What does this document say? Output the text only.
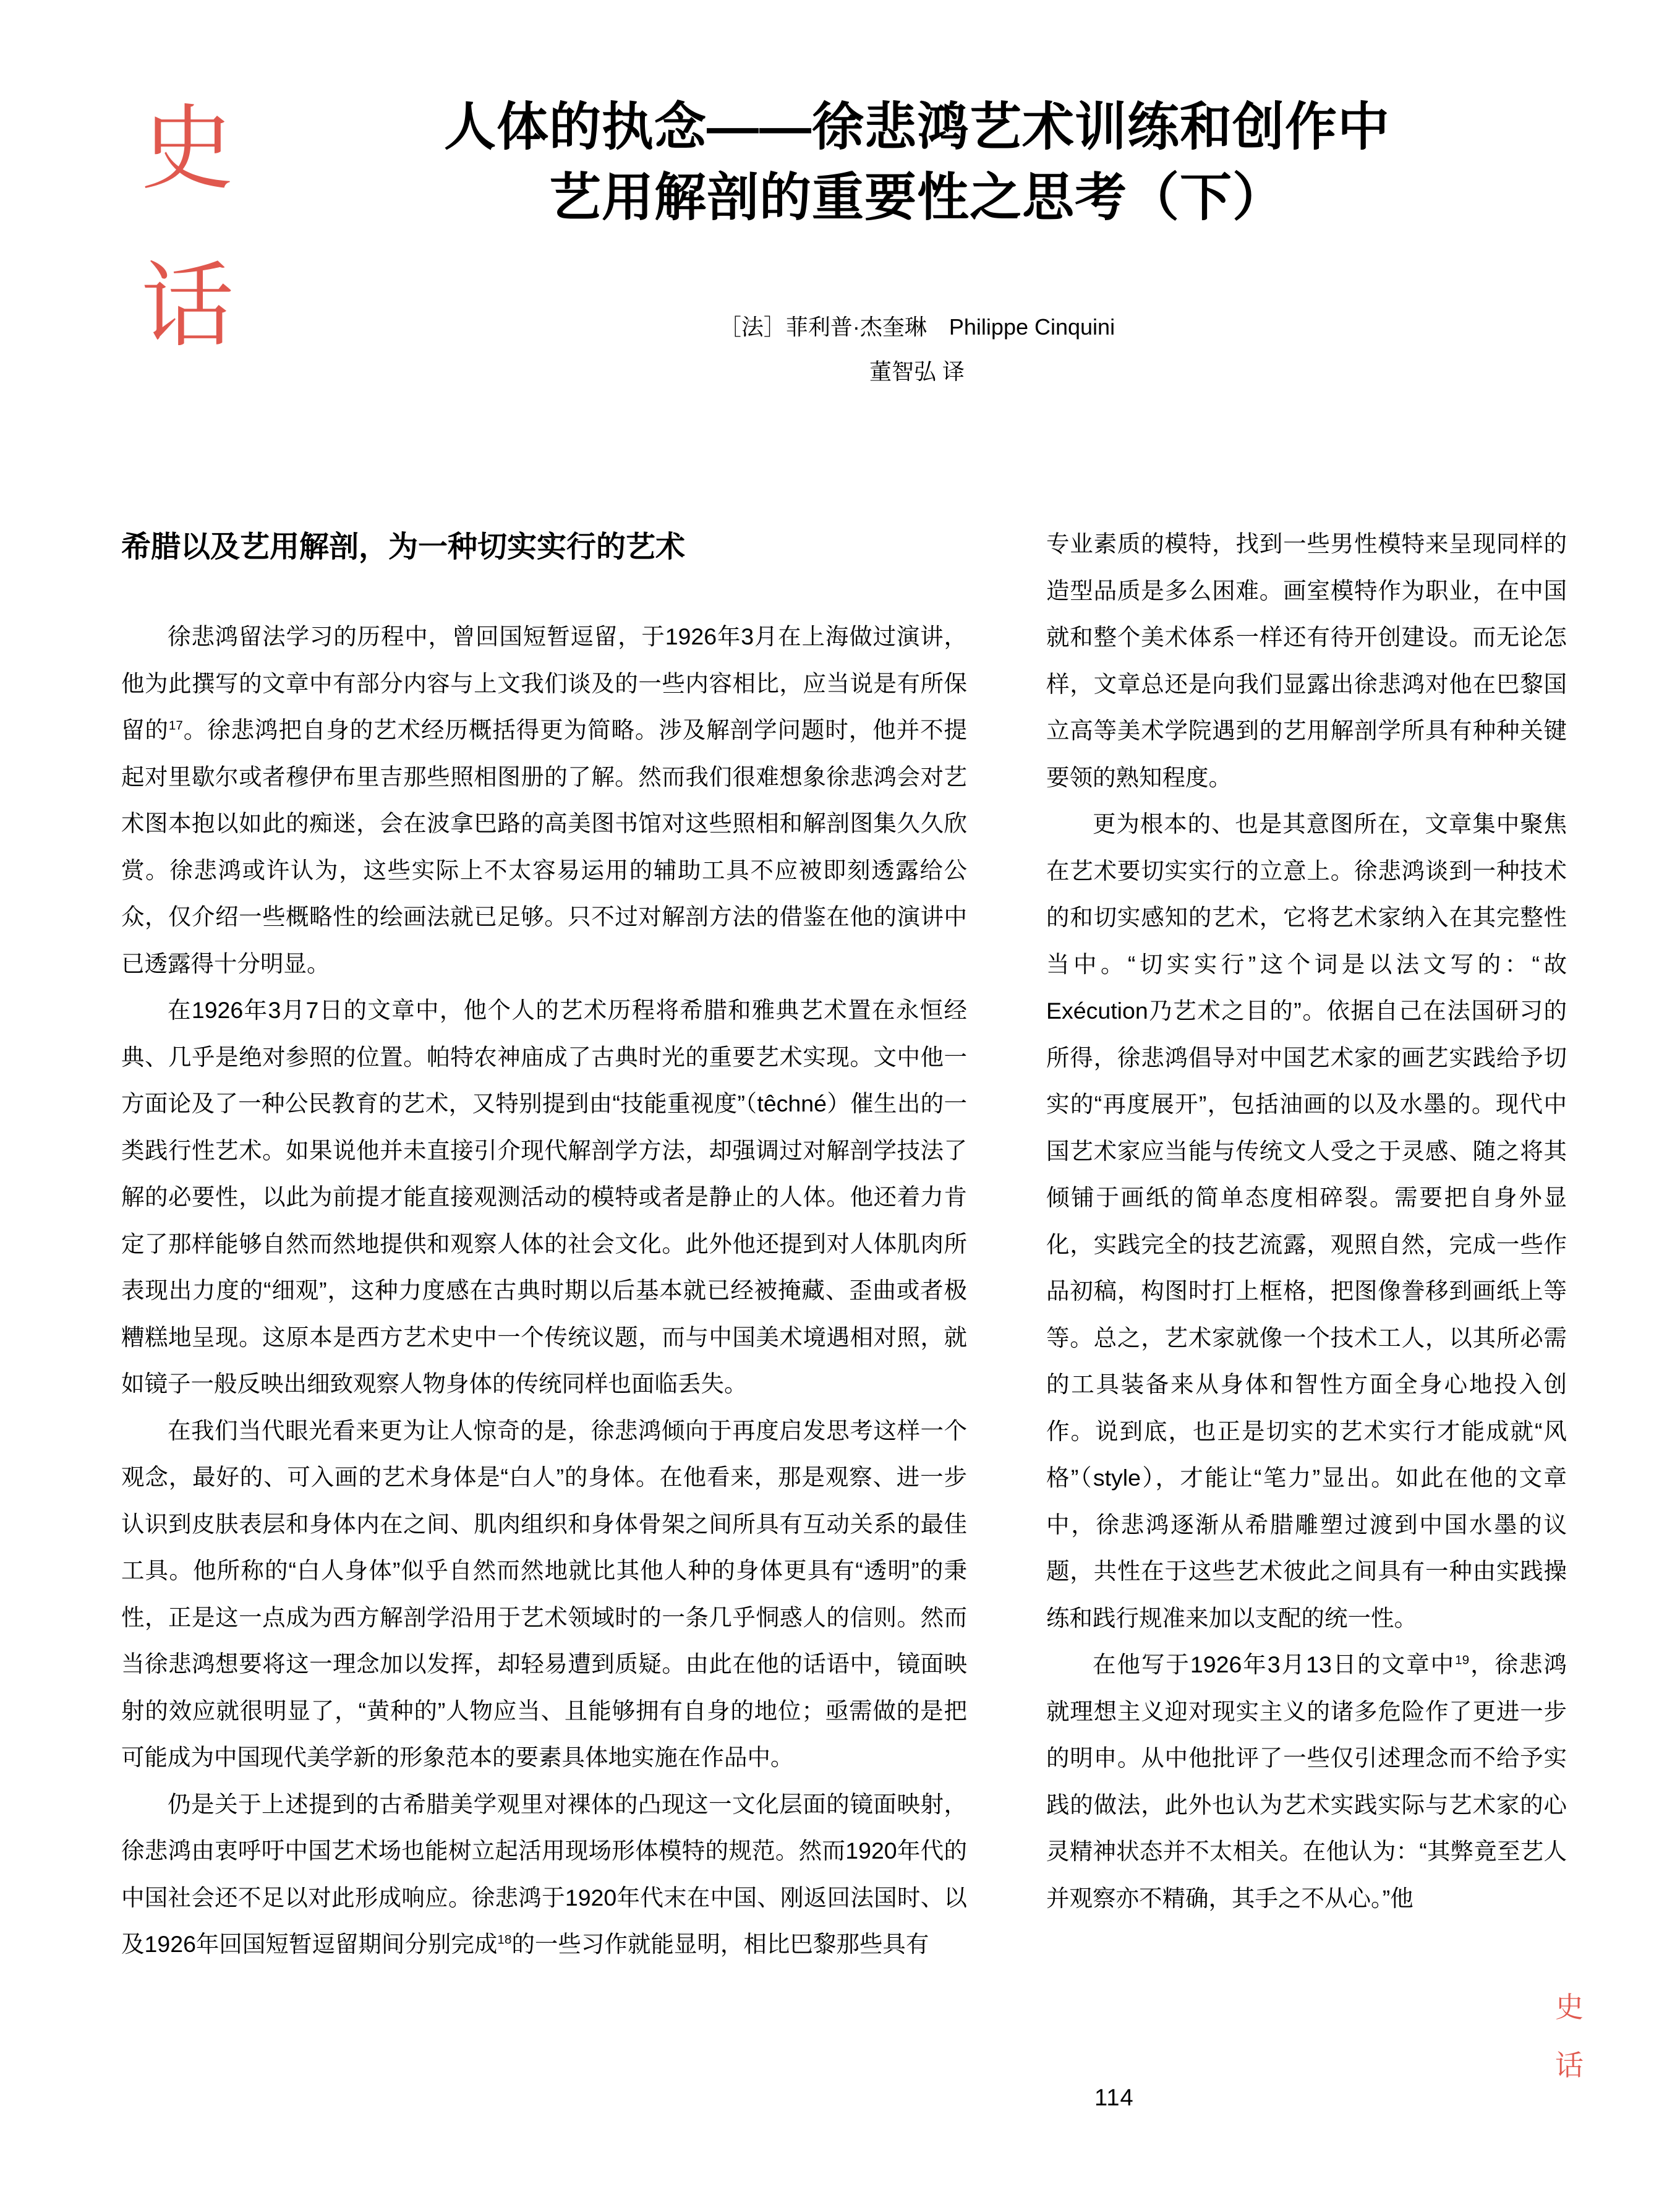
史
话
人体的执念——徐悲鸿艺术训练和创作中
艺用解剖的重要性之思考（下）
［法］菲利普·杰奎琳　Philippe Cinquini
董智弘 译
希腊以及艺用解剖，为一种切实实行的艺术

徐悲鸿留法学习的历程中，曾回国短暂逗留，于1926年3月在上海做过演讲，他为此撰写的文章中有部分内容与上文我们谈及的一些内容相比，应当说是有所保留的$^{17}$。徐悲鸿把自身的艺术经历概括得更为简略。涉及解剖学问题时，他并不提起对里歇尔或者穆伊布里吉那些照相图册的了解。然而我们很难想象徐悲鸿会对艺术图本抱以如此的痴迷，会在波拿巴路的高美图书馆对这些照相和解剖图集久久欣赏。徐悲鸿或许认为，这些实际上不太容易运用的辅助工具不应被即刻透露给公众，仅介绍一些概略性的绘画法就已足够。只不过对解剖方法的借鉴在他的演讲中已透露得十分明显。

在1926年3月7日的文章中，他个人的艺术历程将希腊和雅典艺术置在永恒经典、几乎是绝对参照的位置。帕特农神庙成了古典时光的重要艺术实现。文中他一方面论及了一种公民教育的艺术，又特别提到由“技能重视度”（têchné）催生出的一类践行性艺术。如果说他并未直接引介现代解剖学方法，却强调过对解剖学技法了解的必要性，以此为前提才能直接观测活动的模特或者是静止的人体。他还着力肯定了那样能够自然而然地提供和观察人体的社会文化。此外他还提到对人体肌肉所表现出力度的“细观”，这种力度感在古典时期以后基本就已经被掩藏、歪曲或者极糟糕地呈现。这原本是西方艺术史中一个传统议题，而与中国美术境遇相对照，就如镜子一般反映出细致观察人物身体的传统同样也面临丢失。

在我们当代眼光看来更为让人惊奇的是，徐悲鸿倾向于再度启发思考这样一个观念，最好的、可入画的艺术身体是“白人”的身体。在他看来，那是观察、进一步认识到皮肤表层和身体内在之间、肌肉组织和身体骨架之间所具有互动关系的最佳工具。他所称的“白人身体”似乎自然而然地就比其他人种的身体更具有“透明”的秉性，正是这一点成为西方解剖学沿用于艺术领域时的一条几乎恫惑人的信则。然而当徐悲鸿想要将这一理念加以发挥，却轻易遭到质疑。由此在他的话语中，镜面映射的效应就很明显了，“黄种的”人物应当、且能够拥有自身的地位；亟需做的是把可能成为中国现代美学新的形象范本的要素具体地实施在作品中。

仍是关于上述提到的古希腊美学观里对裸体的凸现这一文化层面的镜面映射，徐悲鸿由衷呼吁中国艺术场也能树立起活用现场形体模特的规范。然而1920年代的中国社会还不足以对此形成响应。徐悲鸿于1920年代末在中国、刚返回法国时、以及1926年回国短暂逗留期间分别完成$^{18}$的一些习作就能显明，相比巴黎那些具有

专业素质的模特，找到一些男性模特来呈现同样的造型品质是多么困难。画室模特作为职业，在中国就和整个美术体系一样还有待开创建设。而无论怎样，文章总还是向我们显露出徐悲鸿对他在巴黎国立高等美术学院遇到的艺用解剖学所具有种种关键要领的熟知程度。

更为根本的、也是其意图所在，文章集中聚焦在艺术要切实实行的立意上。徐悲鸿谈到一种技术的和切实感知的艺术，它将艺术家纳入在其完整性当中。“切实实行”这个词是以法文写的：“故Exécution乃艺术之目的”。依据自己在法国研习的所得，徐悲鸿倡导对中国艺术家的画艺实践给予切实的“再度展开”，包括油画的以及水墨的。现代中国艺术家应当能与传统文人受之于灵感、随之将其倾铺于画纸的简单态度相碎裂。需要把自身外显化，实践完全的技艺流露，观照自然，完成一些作品初稿，构图时打上框格，把图像誊移到画纸上等等。总之，艺术家就像一个技术工人，以其所必需的工具装备来从身体和智性方面全身心地投入创作。说到底，也正是切实的艺术实行才能成就“风格”（style），才能让“笔力”显出。如此在他的文章中，徐悲鸿逐渐从希腊雕塑过渡到中国水墨的议题，共性在于这些艺术彼此之间具有一种由实践操练和践行规准来加以支配的统一性。

在他写于1926年3月13日的文章中$^{19}$，徐悲鸿就理想主义迎对现实主义的诸多危险作了更进一步的明申。从中他批评了一些仅引述理念而不给予实践的做法，此外也认为艺术实践实际与艺术家的心灵精神状态并不太相关。在他认为：“其弊竟至艺人并观察亦不精确，其手之不从心。”他

114
史
话
